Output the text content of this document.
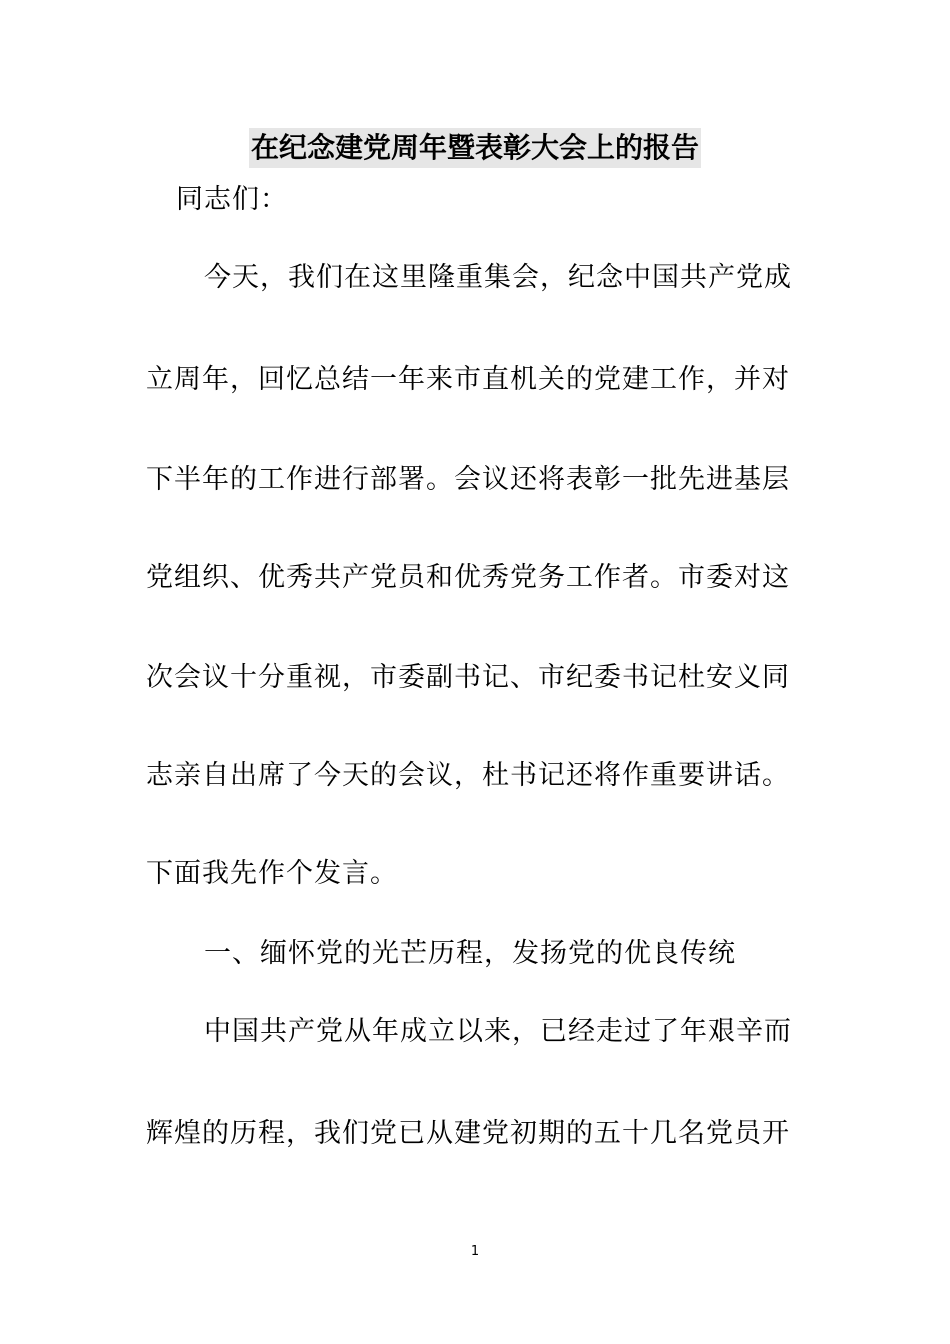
在纪念建党周年暨表彰大会上的报告
同志们：
今天，我们在这里隆重集会，纪念中国共产党成
立周年，回忆总结一年来市直机关的党建工作，并对
下半年的工作进行部署。会议还将表彰一批先进基层
党组织、优秀共产党员和优秀党务工作者。市委对这
次会议十分重视，市委副书记、市纪委书记杜安义同
志亲自出席了今天的会议，杜书记还将作重要讲话。
下面我先作个发言。
一、缅怀党的光芒历程，发扬党的优良传统
中国共产党从年成立以来，已经走过了年艰辛而
辉煌的历程，我们党已从建党初期的五十几名党员开
1
